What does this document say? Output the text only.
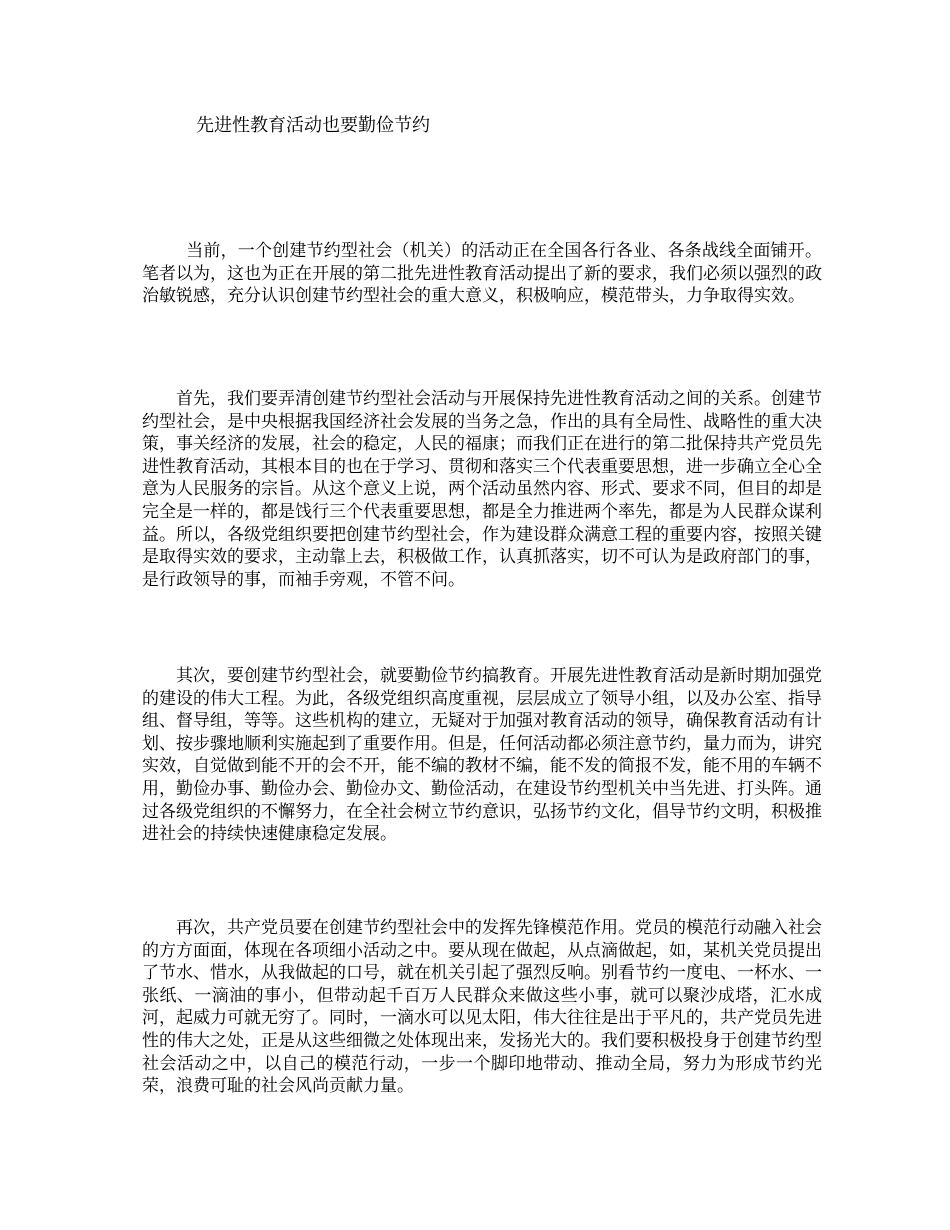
先进性教育活动也要勤俭节约

当前，一个创建节约型社会（机关）的活动正在全国各行各业、各条战线全面铺开。笔者以为，这也为正在开展的第二批先进性教育活动提出了新的要求，我们必须以强烈的政治敏锐感，充分认识创建节约型社会的重大意义，积极响应，模范带头，力争取得实效。

首先，我们要弄清创建节约型社会活动与开展保持先进性教育活动之间的关系。创建节约型社会，是中央根据我国经济社会发展的当务之急，作出的具有全局性、战略性的重大决策，事关经济的发展，社会的稳定，人民的福康；而我们正在进行的第二批保持共产党员先进性教育活动，其根本目的也在于学习、贯彻和落实三个代表重要思想，进一步确立全心全意为人民服务的宗旨。从这个意义上说，两个活动虽然内容、形式、要求不同，但目的却是完全是一样的，都是饯行三个代表重要思想，都是全力推进两个率先，都是为人民群众谋利益。所以，各级党组织要把创建节约型社会，作为建设群众满意工程的重要内容，按照关键是取得实效的要求，主动靠上去，积极做工作，认真抓落实，切不可认为是政府部门的事，是行政领导的事，而袖手旁观，不管不问。

其次，要创建节约型社会，就要勤俭节约搞教育。开展先进性教育活动是新时期加强党的建设的伟大工程。为此，各级党组织高度重视，层层成立了领导小组，以及办公室、指导组、督导组，等等。这些机构的建立，无疑对于加强对教育活动的领导，确保教育活动有计划、按步骤地顺利实施起到了重要作用。但是，任何活动都必须注意节约，量力而为，讲究实效，自觉做到能不开的会不开，能不编的教材不编，能不发的简报不发，能不用的车辆不用，勤俭办事、勤俭办会、勤俭办文、勤俭活动，在建设节约型机关中当先进、打头阵。通过各级党组织的不懈努力，在全社会树立节约意识，弘扬节约文化，倡导节约文明，积极推进社会的持续快速健康稳定发展。

再次，共产党员要在创建节约型社会中的发挥先锋模范作用。党员的模范行动融入社会的方方面面，体现在各项细小活动之中。要从现在做起，从点滴做起，如，某机关党员提出了节水、惜水，从我做起的口号，就在机关引起了强烈反响。别看节约一度电、一杯水、一张纸、一滴油的事小，但带动起千百万人民群众来做这些小事，就可以聚沙成塔，汇水成河，起威力可就无穷了。同时，一滴水可以见太阳，伟大往往是出于平凡的，共产党员先进性的伟大之处，正是从这些细微之处体现出来，发扬光大的。我们要积极投身于创建节约型社会活动之中，以自己的模范行动，一步一个脚印地带动、推动全局，努力为形成节约光荣，浪费可耻的社会风尚贡献力量。
